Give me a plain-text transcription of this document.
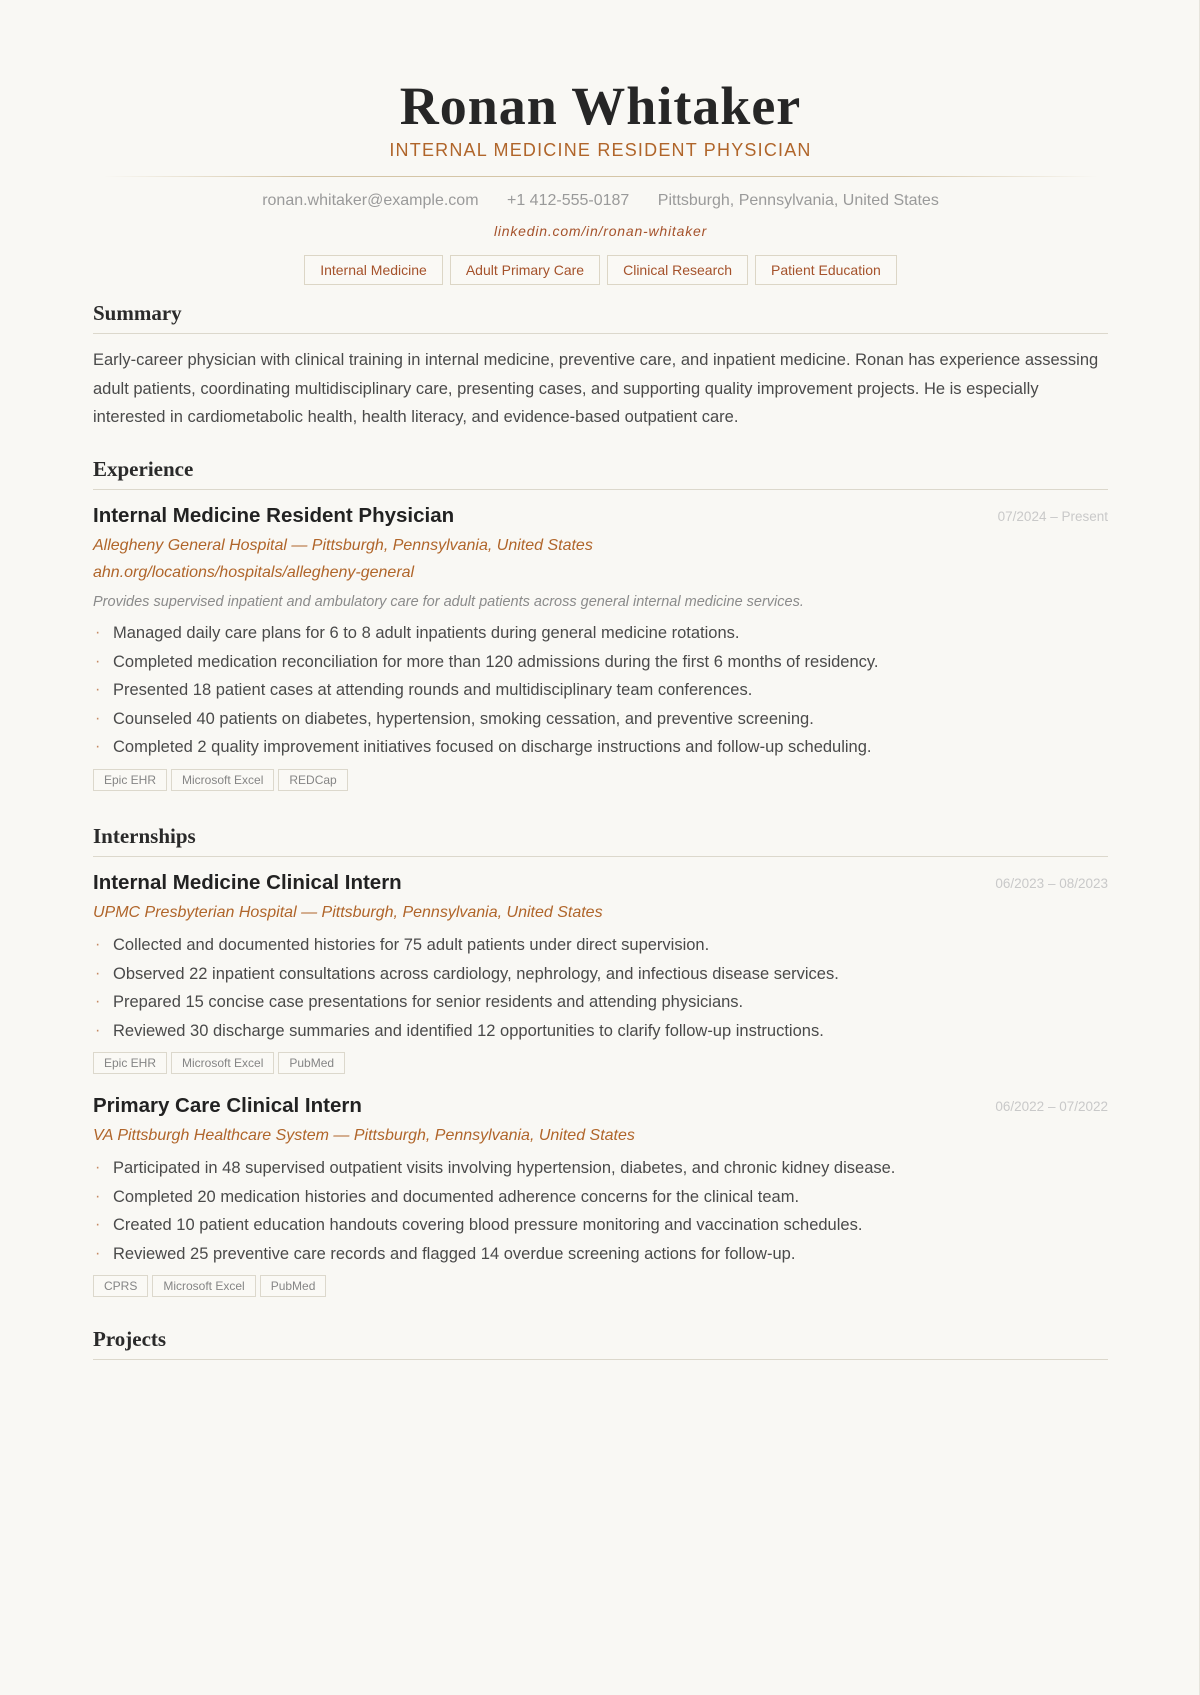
Ronan Whitaker
INTERNAL MEDICINE RESIDENT PHYSICIAN
ronan.whitaker@example.com +1 412-555-0187 Pittsburgh, Pennsylvania, United States
linkedin.com/in/ronan-whitaker
Internal Medicine	Adult Primary Care	Clinical Research	Patient Education
Summary
Early-career physician with clinical training in internal medicine, preventive care, and inpatient medicine. Ronan has experience assessing adult patients, coordinating multidisciplinary care, presenting cases, and supporting quality improvement projects. He is especially interested in cardiometabolic health, health literacy, and evidence-based outpatient care.
Experience
Internal Medicine Resident Physician	07/2024 – Present
Allegheny General Hospital — Pittsburgh, Pennsylvania, United States
ahn.org/locations/hospitals/allegheny-general
Provides supervised inpatient and ambulatory care for adult patients across general internal medicine services.
· Managed daily care plans for 6 to 8 adult inpatients during general medicine rotations.
· Completed medication reconciliation for more than 120 admissions during the first 6 months of residency.
· Presented 18 patient cases at attending rounds and multidisciplinary team conferences.
· Counseled 40 patients on diabetes, hypertension, smoking cessation, and preventive screening.
· Completed 2 quality improvement initiatives focused on discharge instructions and follow-up scheduling.
Epic EHR	Microsoft Excel	REDCap
Internships
Internal Medicine Clinical Intern	06/2023 – 08/2023
UPMC Presbyterian Hospital — Pittsburgh, Pennsylvania, United States
· Collected and documented histories for 75 adult patients under direct supervision.
· Observed 22 inpatient consultations across cardiology, nephrology, and infectious disease services.
· Prepared 15 concise case presentations for senior residents and attending physicians.
· Reviewed 30 discharge summaries and identified 12 opportunities to clarify follow-up instructions.
Epic EHR	Microsoft Excel	PubMed
Primary Care Clinical Intern	06/2022 – 07/2022
VA Pittsburgh Healthcare System — Pittsburgh, Pennsylvania, United States
· Participated in 48 supervised outpatient visits involving hypertension, diabetes, and chronic kidney disease.
· Completed 20 medication histories and documented adherence concerns for the clinical team.
· Created 10 patient education handouts covering blood pressure monitoring and vaccination schedules.
· Reviewed 25 preventive care records and flagged 14 overdue screening actions for follow-up.
CPRS	Microsoft Excel	PubMed
Projects
